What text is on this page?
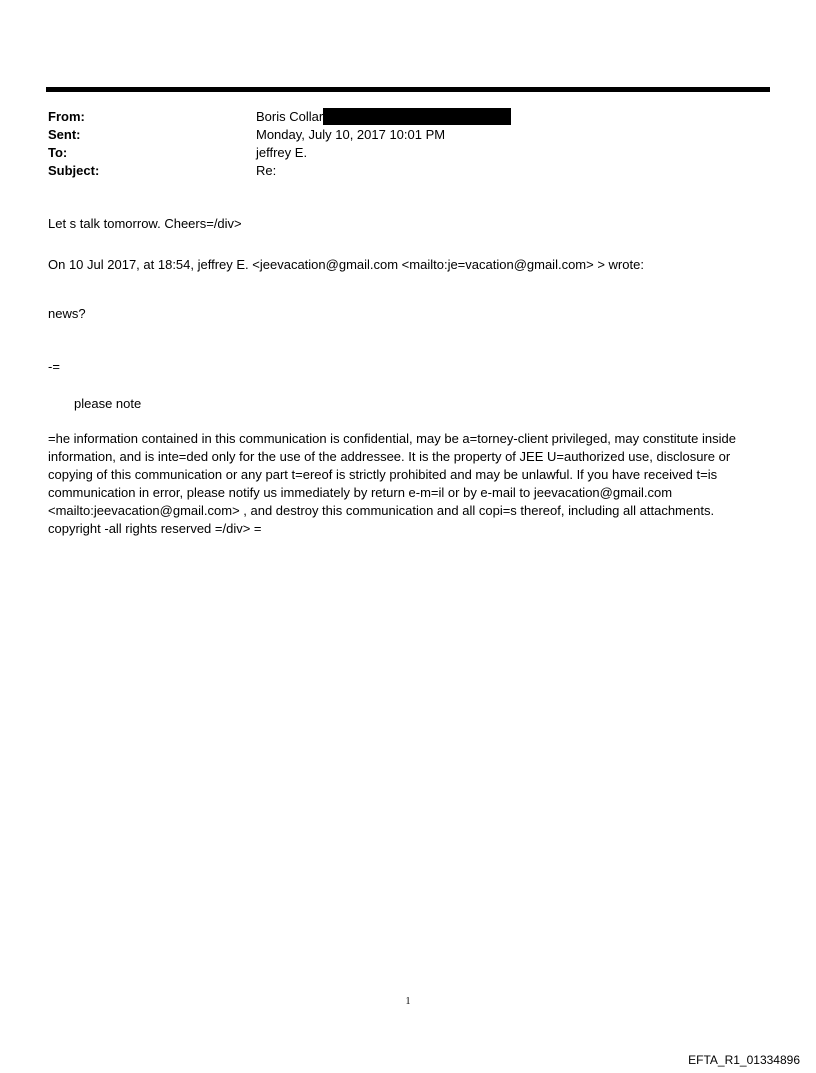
From:	Boris Collar
Sent:	Monday, July 10, 2017 10:01 PM
To:	jeffrey E.
Subject:	Re:
Let s talk tomorrow. Cheers=/div>
On 10 Jul 2017, at 18:54, jeffrey E. <jeevacation@gmail.com <mailto:je=vacation@gmail.com> > wrote:
news?
-=
please note
=he information contained in this communication is confidential, may be a=torney-client privileged, may constitute inside information, and is inte=ded only for the use of the addressee. It is the property of JEE U=authorized use, disclosure or copying of this communication or any part t=ereof is strictly prohibited and may be unlawful. If you have received t=is communication in error, please notify us immediately by return e-m=il or by e-mail to jeevacation@gmail.com <mailto:jeevacation@gmail.com> , and destroy this communication and all copi=s thereof, including all attachments. copyright -all rights reserved =/div> =
1
EFTA_R1_01334896
